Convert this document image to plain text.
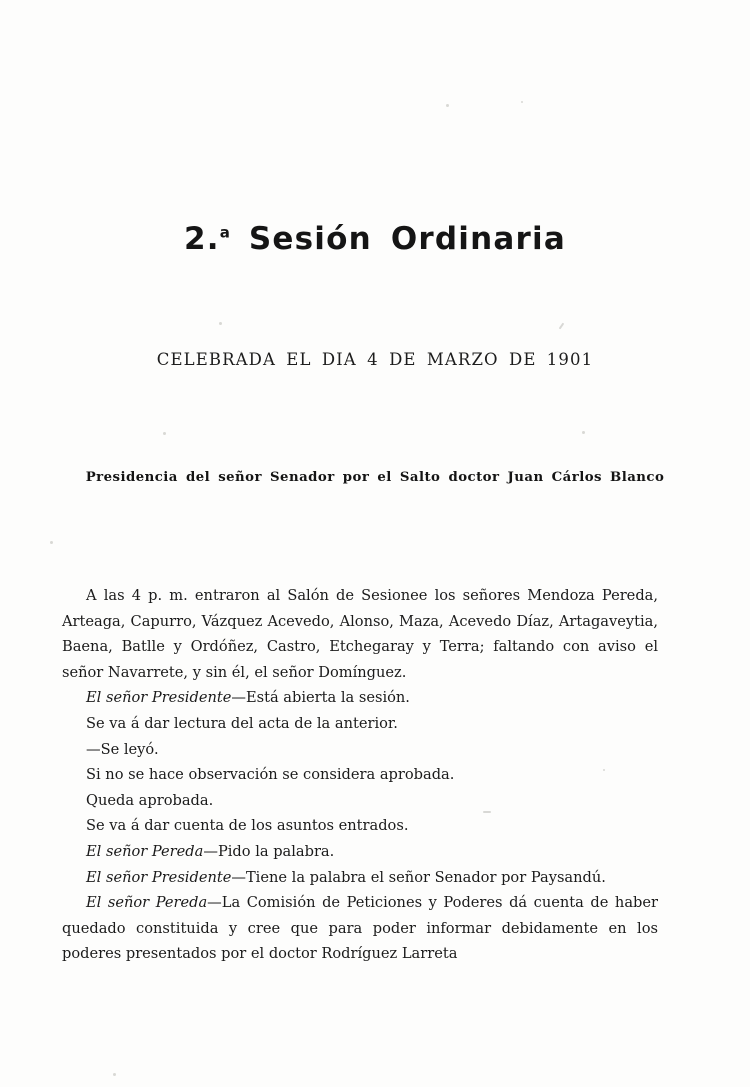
2.$^a$ Sesión Ordinaria
CELEBRADA EL DIA 4 DE MARZO DE 1901
Presidencia del señor Senador por el Salto doctor Juan Cárlos Blanco

A las 4 p. m. entraron al Salón de Sesionee los señores Mendoza Pereda, Arteaga, Capurro, Vázquez Acevedo, Alonso, Maza, Acevedo Díaz, Artagaveytia, Baena, Batlle y Ordóñez, Castro, Etchegaray y Terra; faltando con aviso el señor Navarrete, y sin él, el señor Domínguez.

El señor Presidente—Está abierta la sesión.

Se va á dar lectura del acta de la anterior.

—Se leyó.

Si no se hace observación se considera aprobada.

Queda aprobada.

Se va á dar cuenta de los asuntos entrados.

El señor Pereda—Pido la palabra.

El señor Presidente—Tiene la palabra el señor Senador por Paysandú.

El señor Pereda—La Comisión de Peticiones y Poderes dá cuenta de haber quedado constituida y cree que para poder informar debidamente en los poderes presentados por el doctor Rodríguez Larreta
